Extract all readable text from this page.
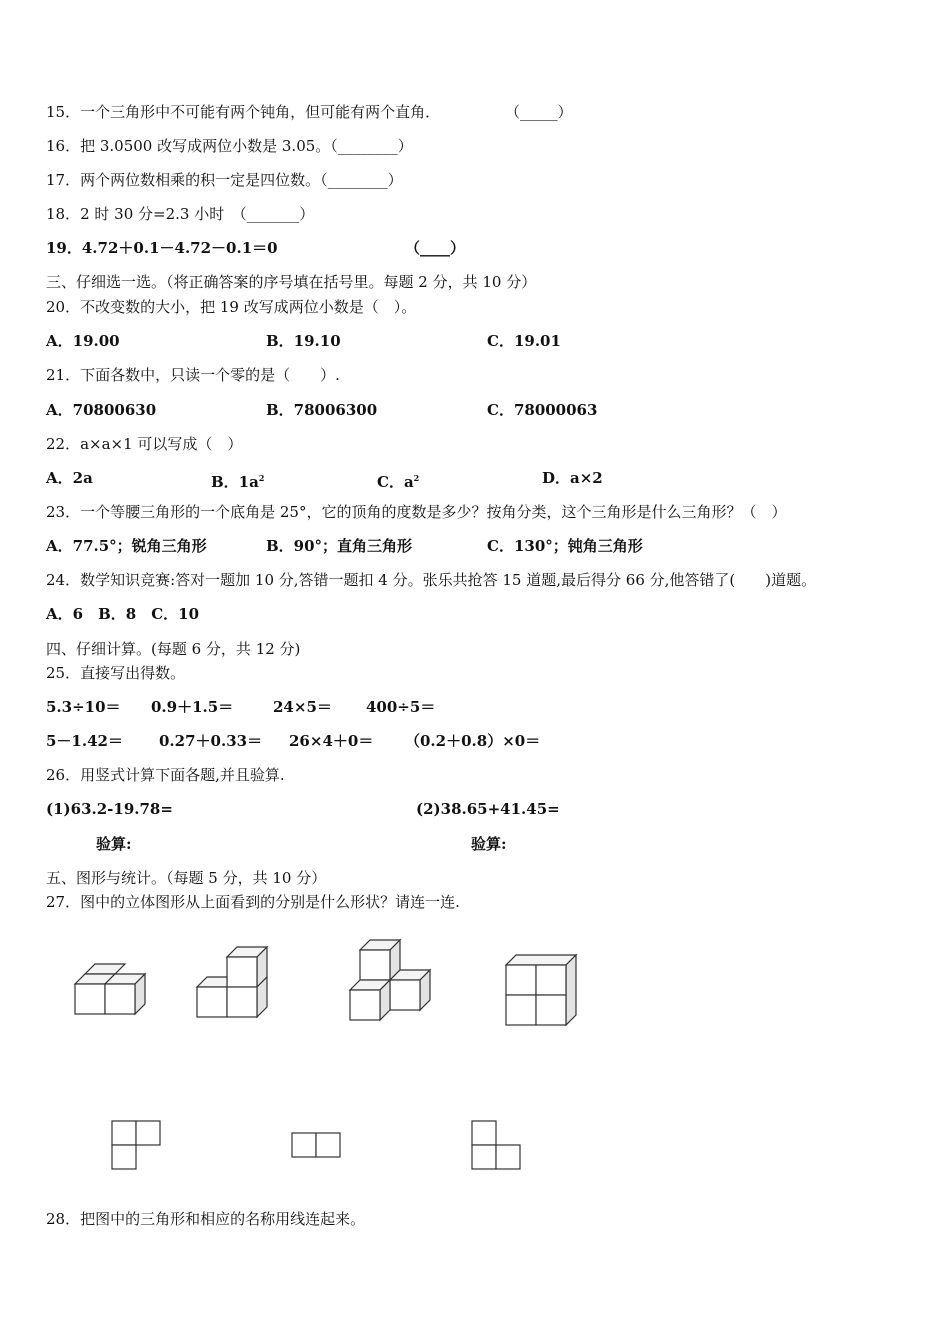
15．一个三角形中不可能有两个钝角，但可能有两个直角．	（_____）
16．把 3.0500 改写成两位小数是 3.05。（________）
17．两个两位数相乘的积一定是四位数。（________）
18．2 时 30 分=2.3 小时　（_______）
19．4.72＋0.1－4.72－0.1＝0	（____）
三、仔细选一选。（将正确答案的序号填在括号里。每题 2 分，共 10 分）
20．不改变数的大小，把 19 改写成两位小数是（　）。
A．19.00	B．19.10	C．19.01
21．下面各数中，只读一个零的是（　　）.
A．70800630	B．78006300	C．78000063
22．a×a×1 可以写成（　）
A．2a	B．$1a^2$	C．$a^2$	D．a×2
23．一个等腰三角形的一个底角是 25°，它的顶角的度数是多少？按角分类，这个三角形是什么三角形？（　）
A．77.5°；锐角三角形	B．90°；直角三角形	C．130°；钝角三角形
24．数学知识竞赛:答对一题加 10 分,答错一题扣 4 分。张乐共抢答 15 道题,最后得分 66 分,他答错了(　　)道题。
A．6　B．8　C．10
四、仔细计算。(每题 6 分，共 12 分)
25．直接写出得数。
5.3÷10＝ 0.9＋1.5＝	24×5＝ 400÷5＝
5－1.42＝ 0.27＋0.33＝ 26×4＋0＝ （0.2＋0.8）×0＝
26．用竖式计算下面各题,并且验算.
(1)63.2-19.78=	(2)38.65+41.45=
验算:	验算:
五、图形与统计。（每题 5 分，共 10 分）
27．图中的立体图形从上面看到的分别是什么形状？请连一连.
28．把图中的三角形和相应的名称用线连起来。
